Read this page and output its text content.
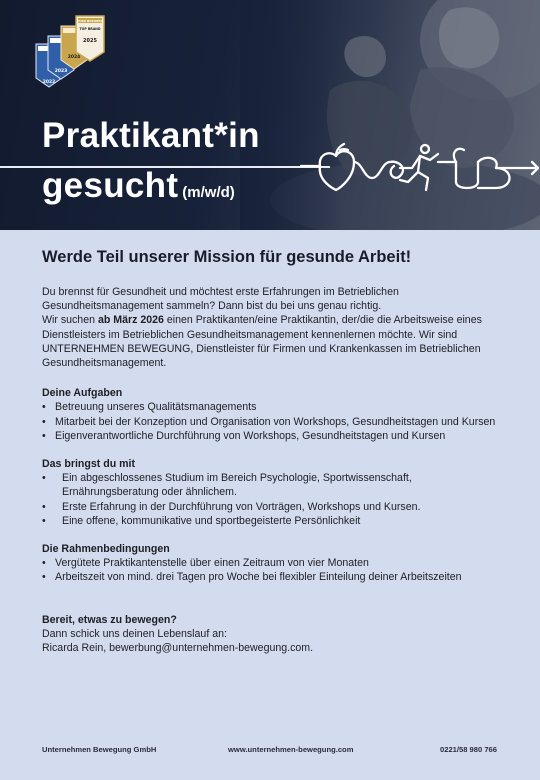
2022
2023
2024
EURO BUSINESS
TOP BRAND
2025
Praktikant*in
gesucht (m/w/d)
Werde Teil unserer Mission für gesunde Arbeit!

Du brennst für Gesundheit und möchtest erste Erfahrungen im Betrieblichen Gesundheitsmanagement sammeln? Dann bist du bei uns genau richtig.

Wir suchen ab März 2026 einen Praktikanten/eine Praktikantin, der/die die Arbeitsweise eines Dienstleisters im Betrieblichen Gesundheitsmanagement kennenlernen möchte. Wir sind UNTERNEHMEN BEWEGUNG, Dienstleister für Firmen und Krankenkassen im Betrieblichen Gesundheitsmanagement.

Deine Aufgaben
• Betreuung unseres Qualitätsmanagements
• Mitarbeit bei der Konzeption und Organisation von Workshops, Gesundheitstagen und Kursen
• Eigenverantwortliche Durchführung von Workshops, Gesundheitstagen und Kursen
Das bringst du mit
• Ein abgeschlossenes Studium im Bereich Psychologie, Sportwissenschaft, Ernährungsberatung oder ähnlichem.
• Erste Erfahrung in der Durchführung von Vorträgen, Workshops und Kursen.
• Eine offene, kommunikative und sportbegeisterte Persönlichkeit
Die Rahmenbedingungen
• Vergütete Praktikantenstelle über einen Zeitraum von vier Monaten
• Arbeitszeit von mind. drei Tagen pro Woche bei flexibler Einteilung deiner Arbeitszeiten
Bereit, etwas zu bewegen?

Dann schick uns deinen Lebenslauf an:

Ricarda Rein, bewerbung@unternehmen-bewegung.com.

Unternehmen Bewegung GmbH	www.unternehmen-bewegung.com	0221/58 980 766
